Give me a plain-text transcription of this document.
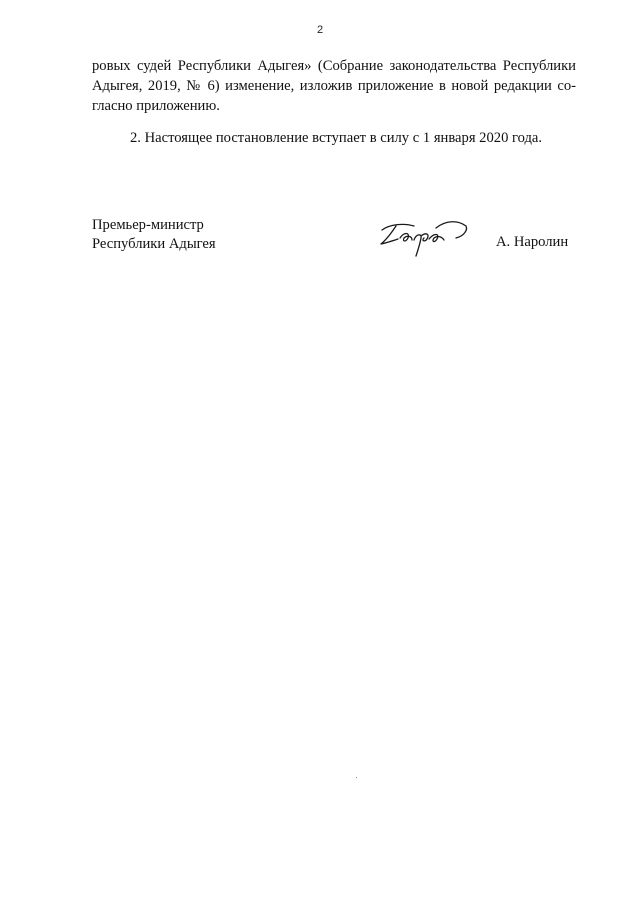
2
ровых судей Республики Адыгея» (Собрание законодательства Республики
Адыгея, 2019, № 6) изменение, изложив приложение в новой редакции со-
гласно приложению.
2. Настоящее постановление вступает в силу с 1 января 2020 года.
Премьер-министр
Республики Адыгея	А. Наролин
